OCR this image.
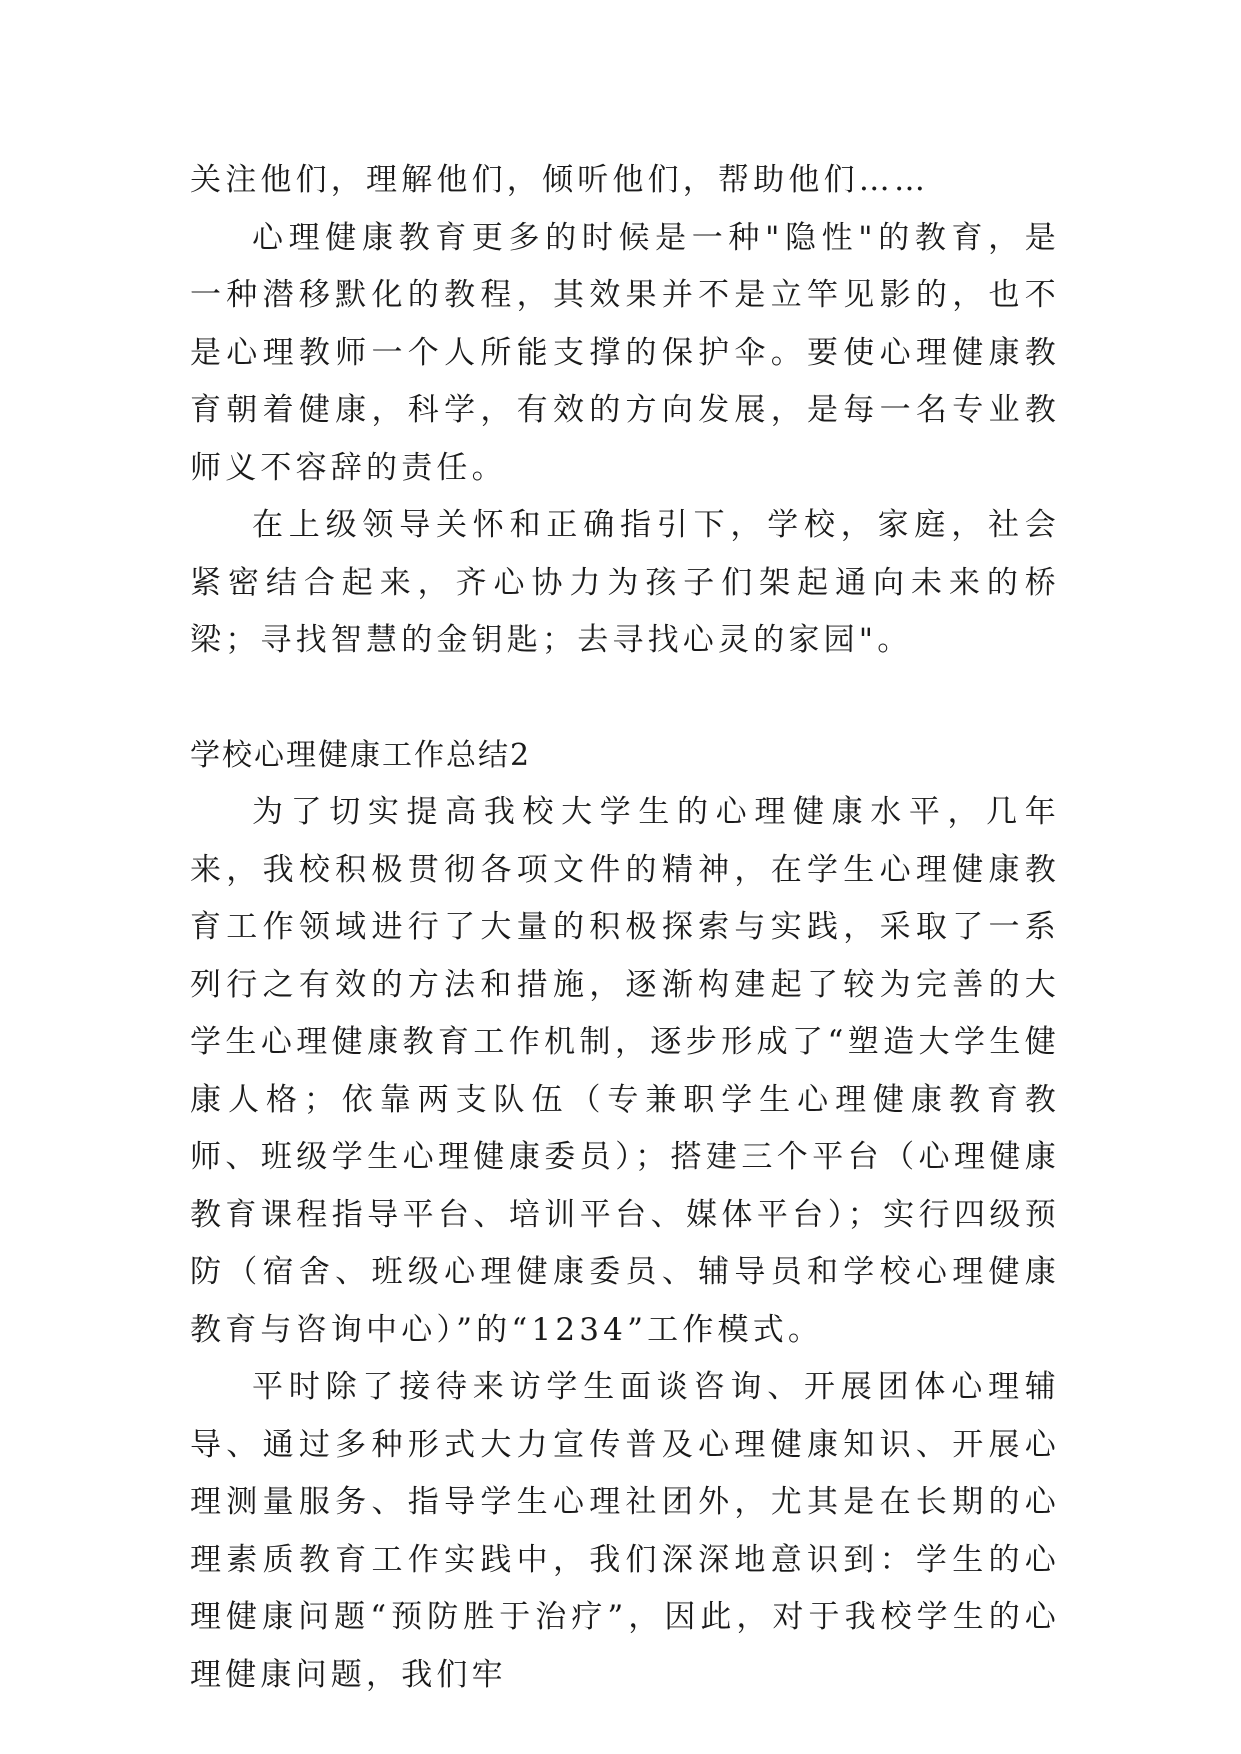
关注他们，理解他们，倾听他们，帮助他们……

心理健康教育更多的时候是一种"隐性"的教育，是一种潜移默化的教程，其效果并不是立竿见影的，也不是心理教师一个人所能支撑的保护伞。要使心理健康教育朝着健康，科学，有效的方向发展，是每一名专业教师义不容辞的责任。

在上级领导关怀和正确指引下，学校，家庭，社会紧密结合起来，齐心协力为孩子们架起通向未来的桥梁；寻找智慧的金钥匙；去寻找心灵的家园"。

学校心理健康工作总结2

为了切实提高我校大学生的心理健康水平，几年来，我校积极贯彻各项文件的精神，在学生心理健康教育工作领域进行了大量的积极探索与实践，采取了一系列行之有效的方法和措施，逐渐构建起了较为完善的大学生心理健康教育工作机制，逐步形成了“塑造大学生健康人格；依靠两支队伍（专兼职学生心理健康教育教师、班级学生心理健康委员）；搭建三个平台（心理健康教育课程指导平台、培训平台、媒体平台）；实行四级预防（宿舍、班级心理健康委员、辅导员和学校心理健康教育与咨询中心）”的“1234”工作模式。

平时除了接待来访学生面谈咨询、开展团体心理辅导、通过多种形式大力宣传普及心理健康知识、开展心理测量服务、指导学生心理社团外，尤其是在长期的心理素质教育工作实践中，我们深深地意识到：学生的心理健康问题“预防胜于治疗”，因此，对于我校学生的心理健康问题，我们牢
